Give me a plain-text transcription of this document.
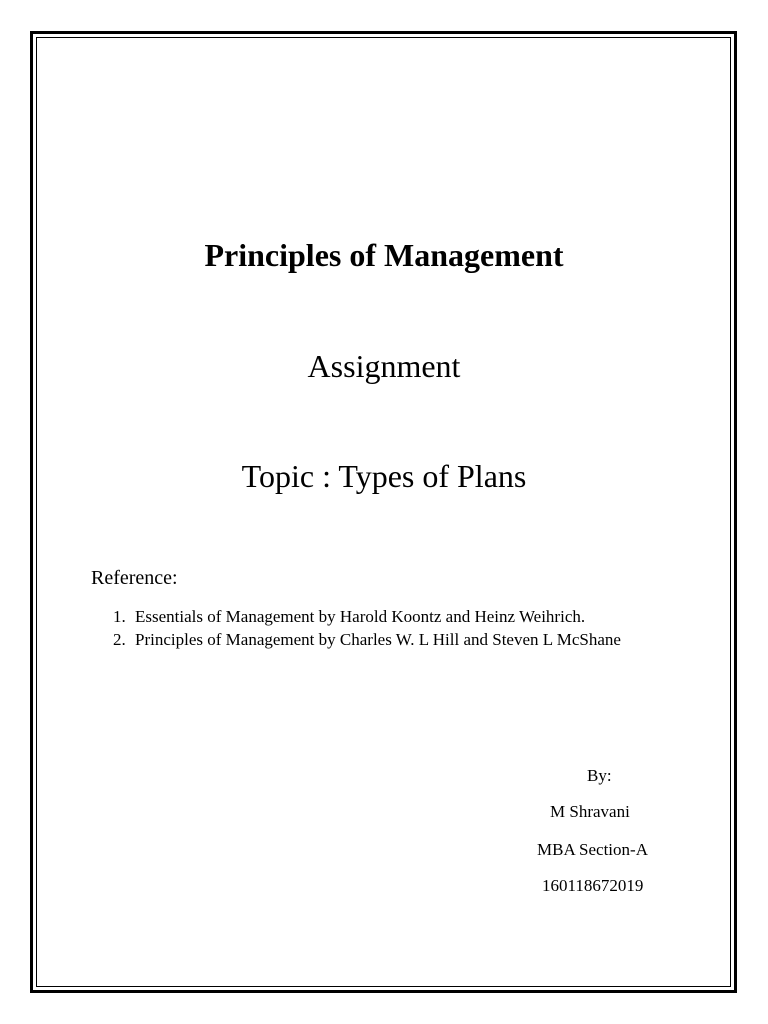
Principles of Management
Assignment
Topic : Types of Plans
Reference:
1. Essentials of Management by Harold Koontz and Heinz Weihrich.
2. Principles of Management by Charles W. L Hill and Steven L McShane
By:
M Shravani
MBA Section-A
160118672019
